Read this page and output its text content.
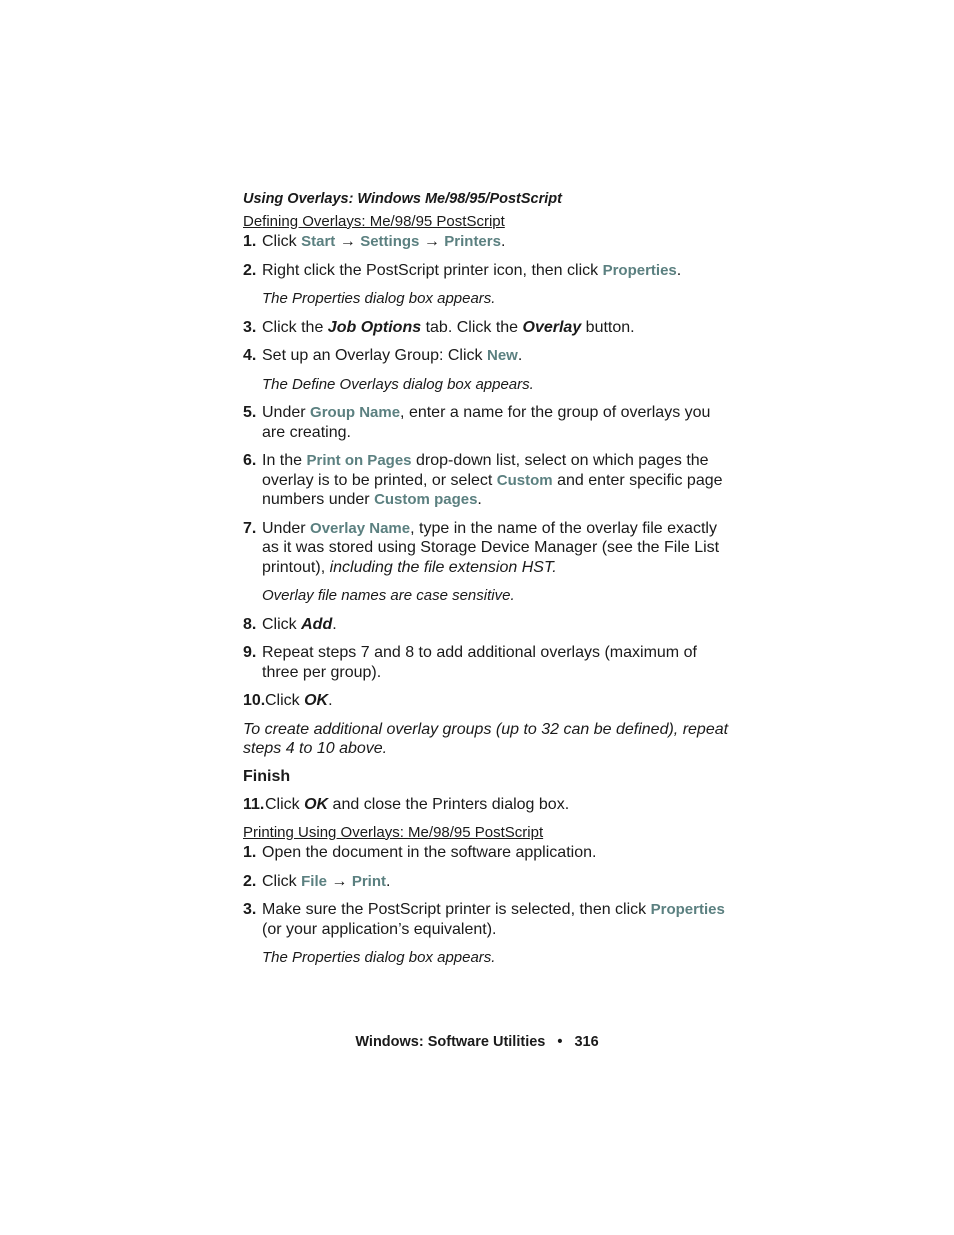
Using Overlays: Windows Me/98/95/PostScript
Defining Overlays: Me/98/95 PostScript
1. Click Start → Settings → Printers.
2. Right click the PostScript printer icon, then click Properties.
The Properties dialog box appears.
3. Click the Job Options tab. Click the Overlay button.
4. Set up an Overlay Group: Click New.
The Define Overlays dialog box appears.
5. Under Group Name, enter a name for the group of overlays you are creating.
6. In the Print on Pages drop-down list, select on which pages the overlay is to be printed, or select Custom and enter specific page numbers under Custom pages.
7. Under Overlay Name, type in the name of the overlay file exactly as it was stored using Storage Device Manager (see the File List printout), including the file extension HST.
Overlay file names are case sensitive.
8. Click Add.
9. Repeat steps 7 and 8 to add additional overlays (maximum of three per group).
10. Click OK.
To create additional overlay groups (up to 32 can be defined), repeat steps 4 to 10 above.
Finish
11. Click OK and close the Printers dialog box.
Printing Using Overlays: Me/98/95 PostScript
1. Open the document in the software application.
2. Click File → Print.
3. Make sure the PostScript printer is selected, then click Properties (or your application’s equivalent).
The Properties dialog box appears.
Windows: Software Utilities • 316
